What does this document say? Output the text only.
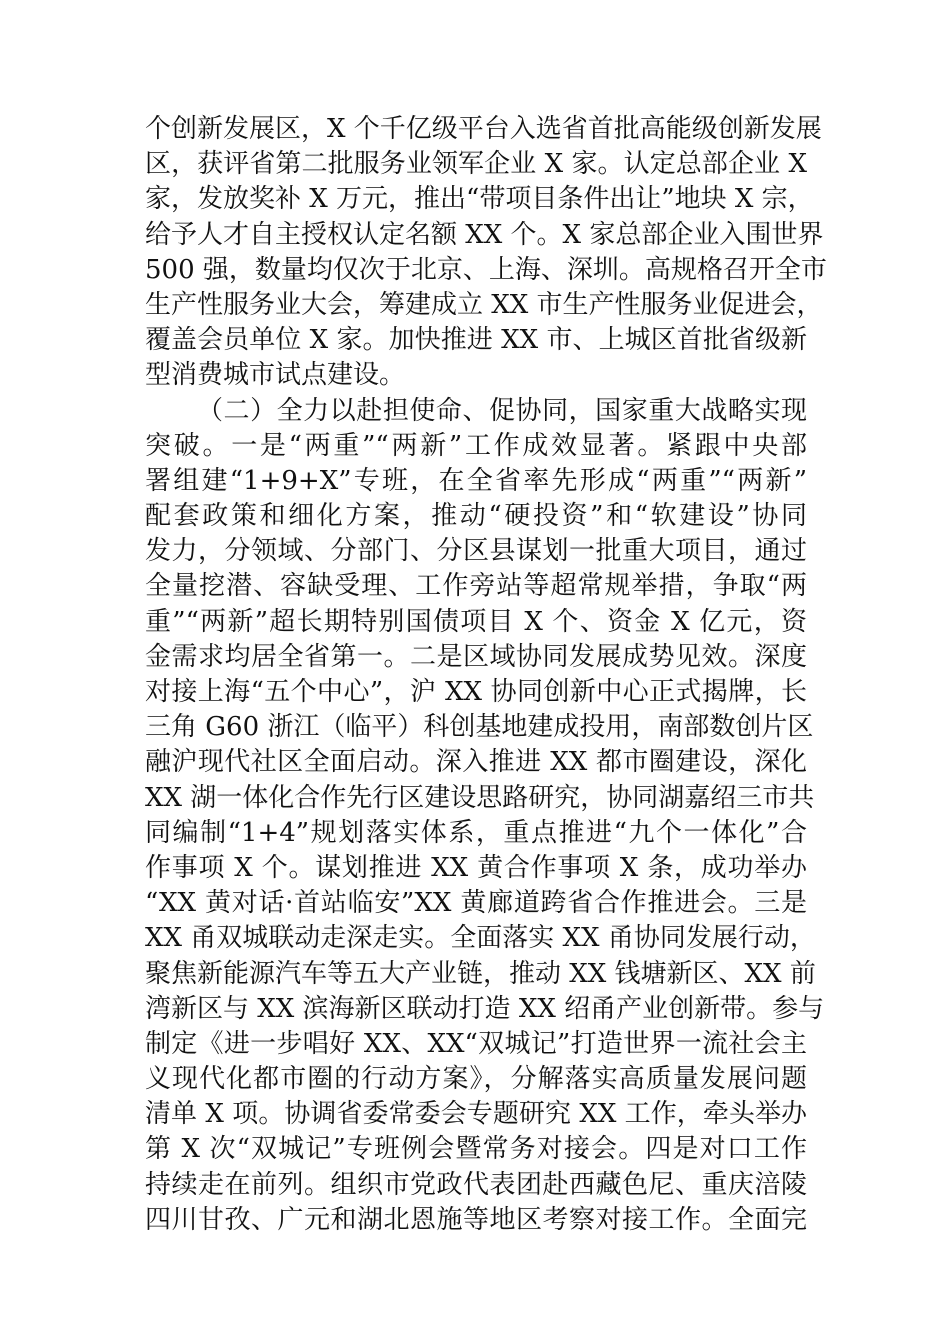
个创新发展区，X 个千亿级平台入选省首批高能级创新发展
区，获评省第二批服务业领军企业 X 家。认定总部企业 X
家，发放奖补 X 万元，推出“带项目条件出让”地块 X 宗，
给予人才自主授权认定名额 XX 个。X 家总部企业入围世界
500 强，数量均仅次于北京、上海、深圳。高规格召开全市
生产性服务业大会，筹建成立 XX 市生产性服务业促进会，
覆盖会员单位 X 家。加快推进 XX 市、上城区首批省级新
型消费城市试点建设。
（二）全力以赴担使命、促协同，国家重大战略实现
突破。一是“两重”“两新”工作成效显著。紧跟中央部
署组建“1+9+X”专班，在全省率先形成“两重”“两新”
配套政策和细化方案，推动“硬投资”和“软建设”协同
发力，分领域、分部门、分区县谋划一批重大项目，通过
全量挖潜、容缺受理、工作旁站等超常规举措，争取“两
重”“两新”超长期特别国债项目 X 个、资金 X 亿元，资
金需求均居全省第一。二是区域协同发展成势见效。深度
对接上海“五个中心”，沪 XX 协同创新中心正式揭牌，长
三角 G60 浙江（临平）科创基地建成投用，南部数创片区
融沪现代社区全面启动。深入推进 XX 都市圈建设，深化
XX 湖一体化合作先行区建设思路研究，协同湖嘉绍三市共
同编制“1+4”规划落实体系，重点推进“九个一体化”合
作事项 X 个。谋划推进 XX 黄合作事项 X 条，成功举办
“XX 黄对话·首站临安”XX 黄廊道跨省合作推进会。三是
XX 甬双城联动走深走实。全面落实 XX 甬协同发展行动，
聚焦新能源汽车等五大产业链，推动 XX 钱塘新区、XX 前
湾新区与 XX 滨海新区联动打造 XX 绍甬产业创新带。参与
制定《进一步唱好 XX、XX“双城记”打造世界一流社会主
义现代化都市圈的行动方案》，分解落实高质量发展问题
清单 X 项。协调省委常委会专题研究 XX 工作，牵头举办
第 X 次“双城记”专班例会暨常务对接会。四是对口工作
持续走在前列。组织市党政代表团赴西藏色尼、重庆涪陵
四川甘孜、广元和湖北恩施等地区考察对接工作。全面完
